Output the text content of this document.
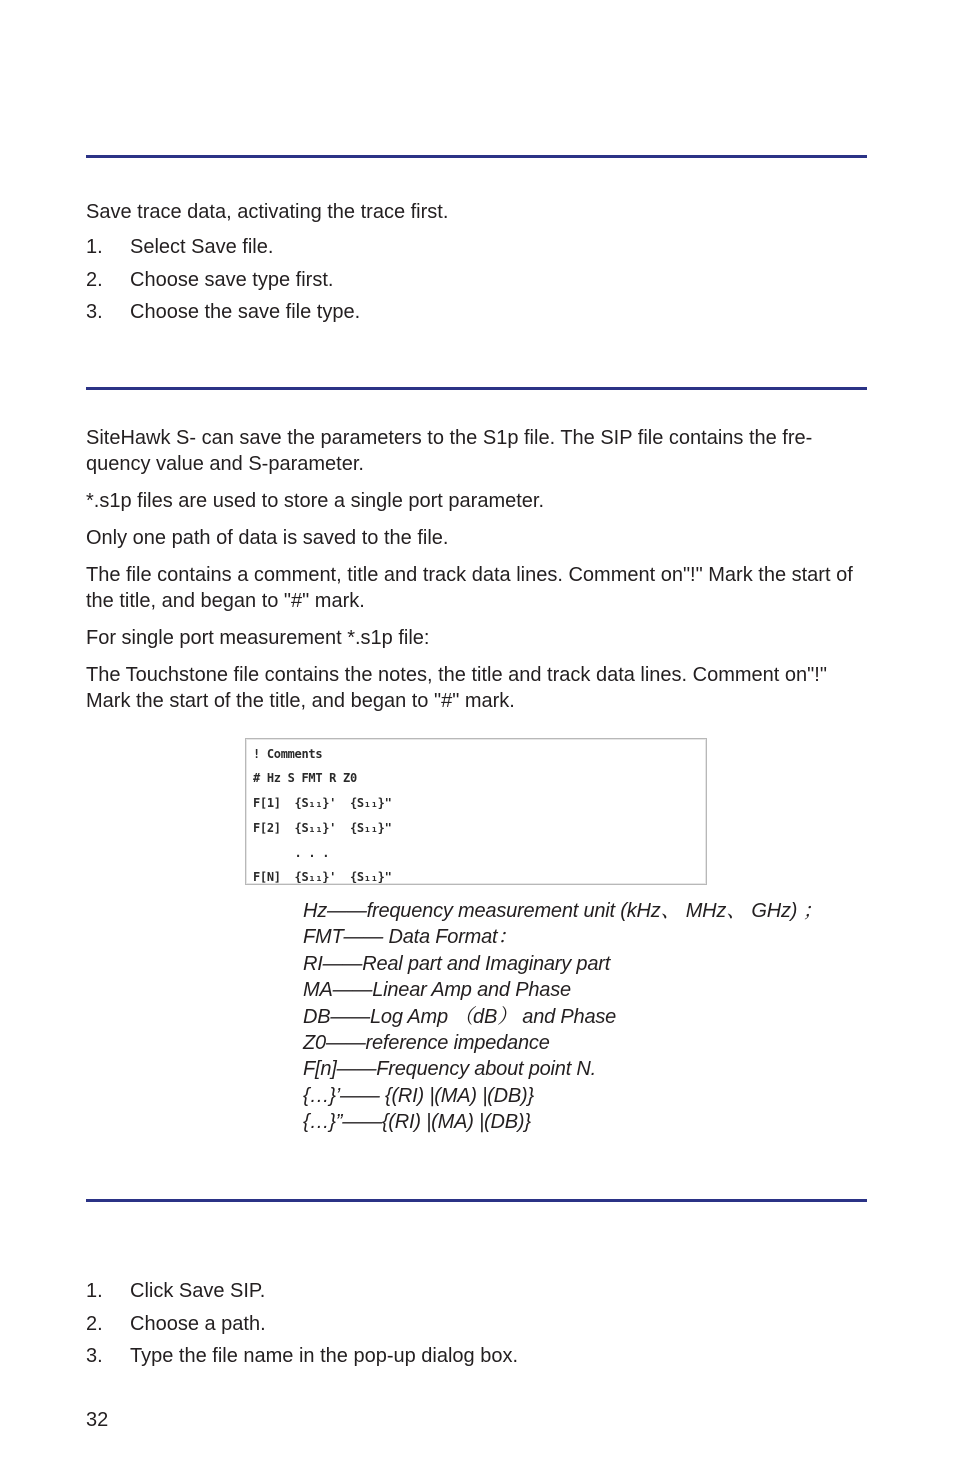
Save trace data, activating the trace first.

1. Select Save file.
2. Choose save type first.
3. Choose the save file type.

SiteHawk S- can save the parameters to the S1p file. The SIP file contains the fre-quency value and S-parameter.

*.s1p files are used to store a single port parameter.

Only one path of data is saved to the file.

The file contains a comment, title and track data lines. Comment on"!" Mark the start of the title, and began to "#" mark.

For single port measurement *.s1p file:

The Touchstone file contains the notes, the title and track data lines. Comment on"!" Mark the start of the title, and began to "#" mark.

! Comments
# Hz S FMT R Z0
F[1]  {S₁₁}'  {S₁₁}"
F[2]  {S₁₁}'  {S₁₁}"
. . .
F[N]  {S₁₁}'  {S₁₁}"
Hz——frequency measurement unit (kHz、 MHz、 GHz) ；
FMT—— Data Format：
RI——Real part and Imaginary part
MA——Linear Amp and Phase
DB——Log Amp （dB） and Phase
Z0——reference impedance
F[n]——Frequency about point N.
{…}’—— {(RI) |(MA) |(DB)}
{…}”——{(RI) |(MA) |(DB)}
1. Click Save SIP.
2. Choose a path.
3. Type the file name in the pop-up dialog box.
32
